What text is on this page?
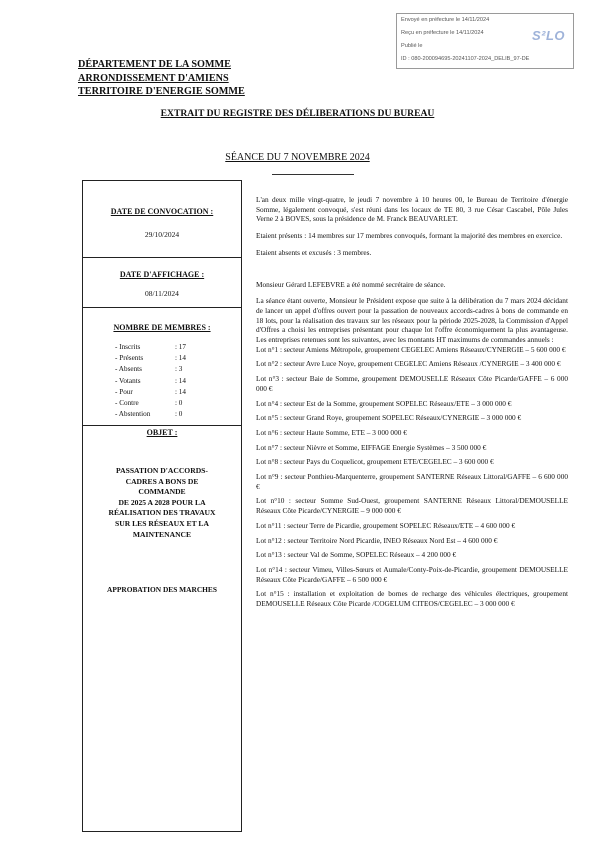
Envoyé en préfecture le 14/11/2024
Reçu en préfecture le 14/11/2024
Publié le
ID : 080-200094695-20241107-2024_DELIB_97-DE
S²LO
DÉPARTEMENT DE LA SOMME
ARRONDISSEMENT D'AMIENS
TERRITOIRE D'ENERGIE SOMME
EXTRAIT DU REGISTRE DES DÉLIBERATIONS DU BUREAU
SÉANCE DU 7 NOVEMBRE 2024
DATE DE CONVOCATION :
29/10/2024
DATE D'AFFICHAGE :
08/11/2024
NOMBRE DE MEMBRES :
- Inscrits	: 17
- Présents	: 14
- Absents	: 3
- Votants	: 14
- Pour	: 14
- Contre	: 0
- Abstention	: 0
OBJET :
PASSATION D'ACCORDS-
CADRES A BONS DE
COMMANDE
DE 2025 A 2028 POUR LA
RÉALISATION DES TRAVAUX
SUR LES RÉSEAUX ET LA
MAINTENANCE
APPROBATION DES MARCHES

L'an deux mille vingt-quatre, le jeudi 7 novembre à 10 heures 00, le Bureau de Territoire d'énergie Somme, légalement convoqué, s'est réuni dans les locaux de TE 80, 3 rue César Cascabel, Pôle Jules Verne 2 à BOVES, sous la présidence de M. Franck BEAUVARLET.

Etaient présents : 14 membres sur 17 membres convoqués, formant la majorité des membres en exercice.

Etaient absents et excusés : 3 membres.

Monsieur Gérard LEFEBVRE a été nommé secrétaire de séance.

La séance étant ouverte, Monsieur le Président expose que suite à la délibération du 7 mars 2024 décidant de lancer un appel d'offres ouvert pour la passation de nouveaux accords-cadres à bons de commande en 18 lots, pour la réalisation des travaux sur les réseaux pour la période 2025-2028, la Commission d'Appel d'Offres a choisi les entreprises présentant pour chaque lot l'offre économiquement la plus avantageuse. Les entreprises retenues sont les suivantes, avec les montants HT maximums de commandes annuels :

Lot n°1 : secteur Amiens Métropole, groupement CEGELEC Amiens Réseaux/CYNERGIE – 5 600 000 €
Lot n°2 : secteur Avre Luce Noye, groupement CEGELEC Amiens Réseaux /CYNERGIE – 3 400 000 €
Lot n°3 : secteur Baie de Somme, groupement DEMOUSELLE Réseaux Côte Picarde/GAFFE – 6 000 000 €
Lot n°4 : secteur Est de la Somme, groupement SOPELEC Réseaux/ETE – 3 000 000 €
Lot n°5 : secteur Grand Roye, groupement SOPELEC Réseaux/CYNERGIE – 3 000 000 €
Lot n°6 : secteur Haute Somme, ETE – 3 000 000 €
Lot n°7 : secteur Nièvre et Somme, EIFFAGE Energie Systèmes – 3 500 000 €
Lot n°8 : secteur Pays du Coquelicot, groupement ETE/CEGELEC – 3 600 000 €
Lot n°9 : secteur Ponthieu-Marquenterre, groupement SANTERNE Réseaux Littoral/GAFFE – 6 600 000 €
Lot n°10 : secteur Somme Sud-Ouest, groupement SANTERNE Réseaux Littoral/DEMOUSELLE Réseaux Côte Picarde/CYNERGIE – 9 000 000 €
Lot n°11 : secteur Terre de Picardie, groupement SOPELEC Réseaux/ETE – 4 600 000 €
Lot n°12 : secteur Territoire Nord Picardie, INEO Réseaux Nord Est – 4 600 000 €
Lot n°13 : secteur Val de Somme, SOPELEC Réseaux – 4 200 000 €
Lot n°14 : secteur Vimeu, Villes-Sœurs et Aumale/Conty-Poix-de-Picardie, groupement DEMOUSELLE Réseaux Côte Picarde/GAFFE – 6 500 000 €
Lot n°15 : installation et exploitation de bornes de recharge des véhicules électriques, groupement DEMOUSELLE Réseaux Côte Picarde /COGELUM CITEOS/CEGELEC – 3 000 000 €
